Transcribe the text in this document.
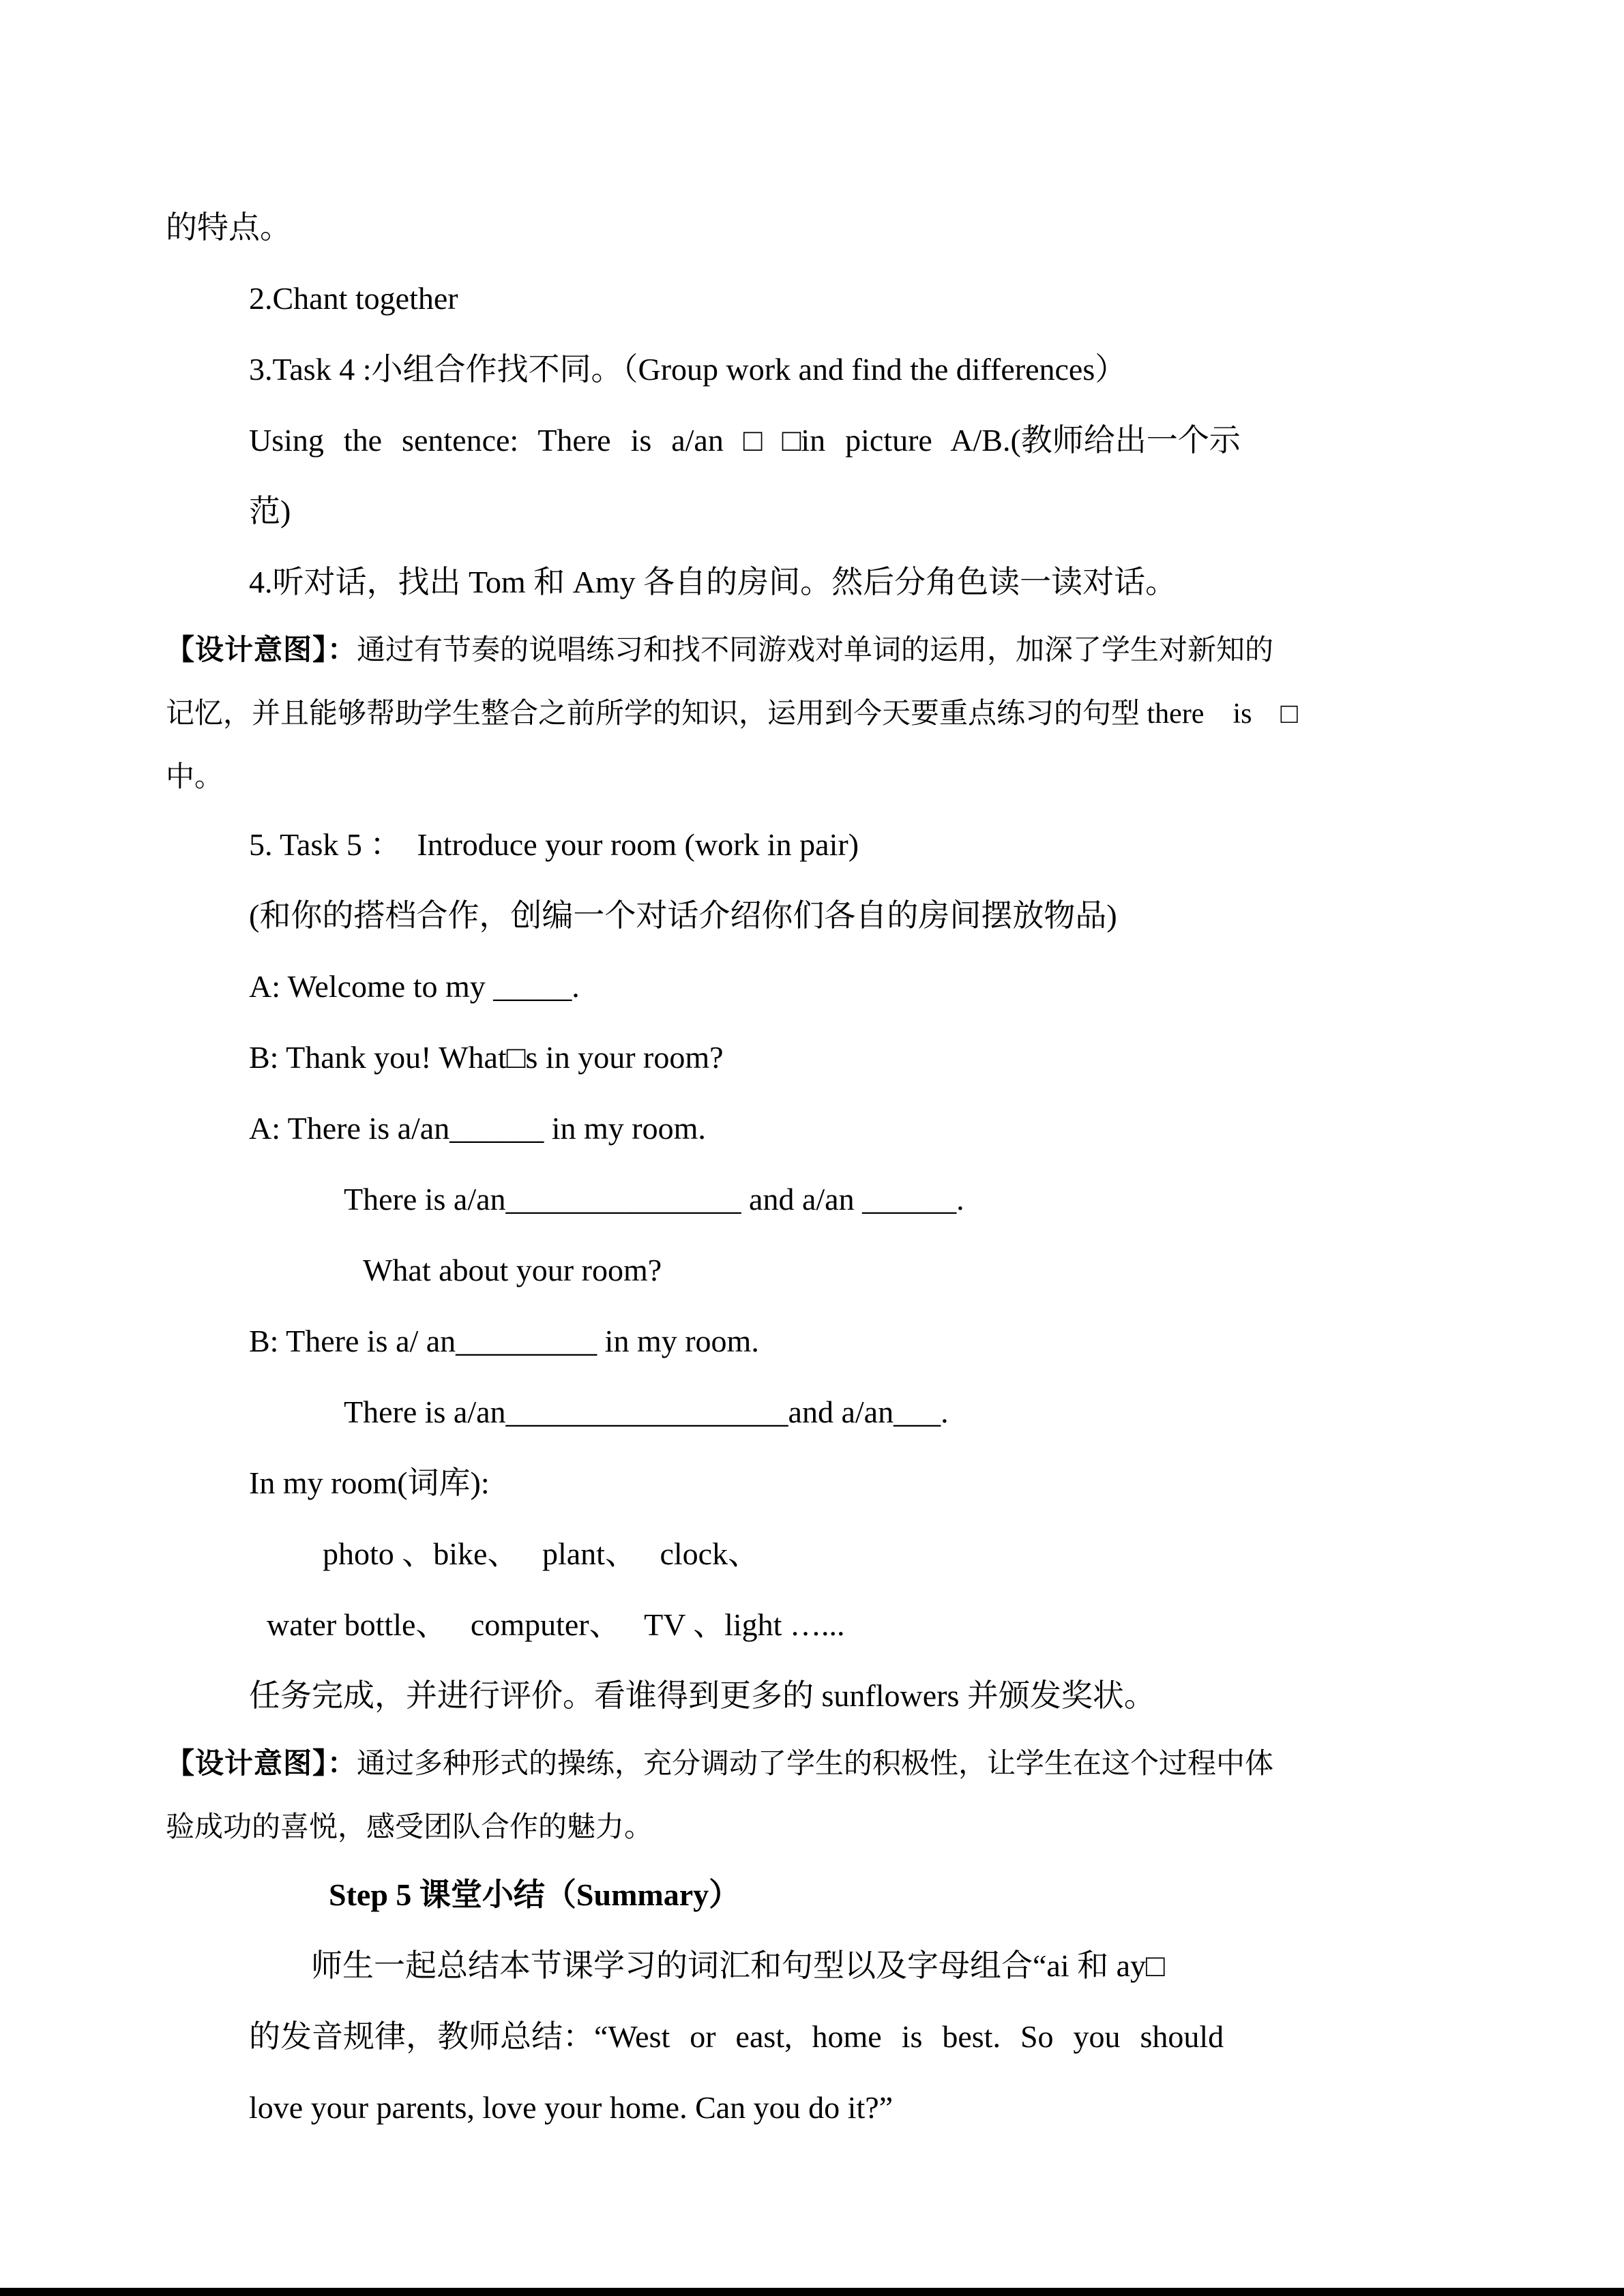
的特点。

2.Chant together

3.Task 4 :小组合作找不同。（Group work and find the differences）

Using the sentence: There is a/an □ □in picture A/B.(教师给出一个示

范)

4.听对话，找出 Tom 和 Amy 各自的房间。然后分角色读一读对话。

【设计意图】：通过有节奏的说唱练习和找不同游戏对单词的运用，加深了学生对新知的

记忆，并且能够帮助学生整合之前所学的知识，运用到今天要重点练习的句型 there    is    □

中。

5. Task 5 ：  Introduce your room (work in pair)

(和你的搭档合作，创编一个对话介绍你们各自的房间摆放物品)

A: Welcome to my _____.

B: Thank you! What□s in your room?

A: There is a/an______ in my room.

There is a/an_______________ and a/an ______.

What about your room?

B: There is a/ an_________ in my room.

There is a/an__________________and a/an___.

In my room(词库):

photo 、bike、   plant、   clock、

water bottle、   computer、   TV 、light …...

任务完成，并进行评价。看谁得到更多的 sunflowers 并颁发奖状。

【设计意图】：通过多种形式的操练，充分调动了学生的积极性，让学生在这个过程中体

验成功的喜悦，感受团队合作的魅力。

Step 5 课堂小结（Summary）

师生一起总结本节课学习的词汇和句型以及字母组合“ai 和 ay□

的发音规律，教师总结：“West or east, home is best. So you should

love your parents, love your home. Can you do it?”
